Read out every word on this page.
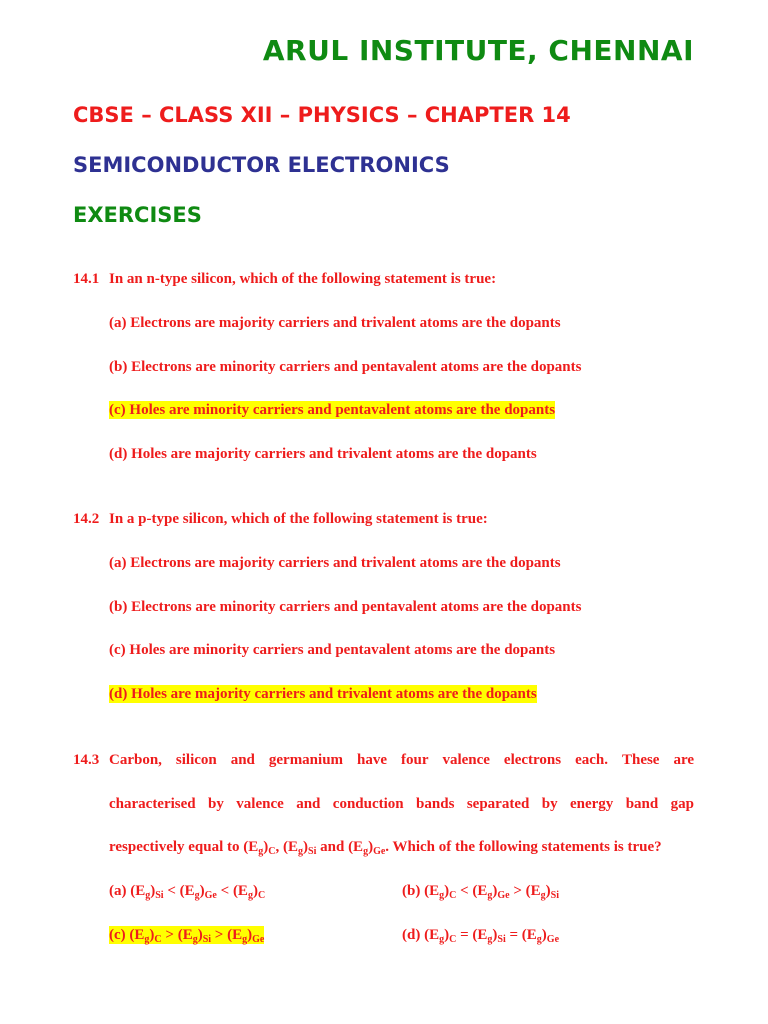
ARUL INSTITUTE, CHENNAI
CBSE – CLASS XII – PHYSICS – CHAPTER 14
SEMICONDUCTOR ELECTRONICS
EXERCISES
14.1 In an n-type silicon, which of the following statement is true:
(a) Electrons are majority carriers and trivalent atoms are the dopants
(b) Electrons are minority carriers and pentavalent atoms are the dopants
(c) Holes are minority carriers and pentavalent atoms are the dopants
(d) Holes are majority carriers and trivalent atoms are the dopants
14.2 In a p-type silicon, which of the following statement is true:
(a) Electrons are majority carriers and trivalent atoms are the dopants
(b) Electrons are minority carriers and pentavalent atoms are the dopants
(c) Holes are minority carriers and pentavalent atoms are the dopants
(d) Holes are majority carriers and trivalent atoms are the dopants
14.3 Carbon, silicon and germanium have four valence electrons each. These are
characterised by valence and conduction bands separated by energy band gap
respectively equal to $(E_g)_C$, $(E_g)_{Si}$ and $(E_g)_{Ge}$. Which of the following statements is true?
(a) $(E_g)_{Si} < (E_g)_{Ge} < (E_g)_C$	(b) $(E_g)_C < (E_g)_{Ge} > (E_g)_{Si}$
(c) $(E_g)_C > (E_g)_{Si} > (E_g)_{Ge}$	(d) $(E_g)_C = (E_g)_{Si} = (E_g)_{Ge}$
